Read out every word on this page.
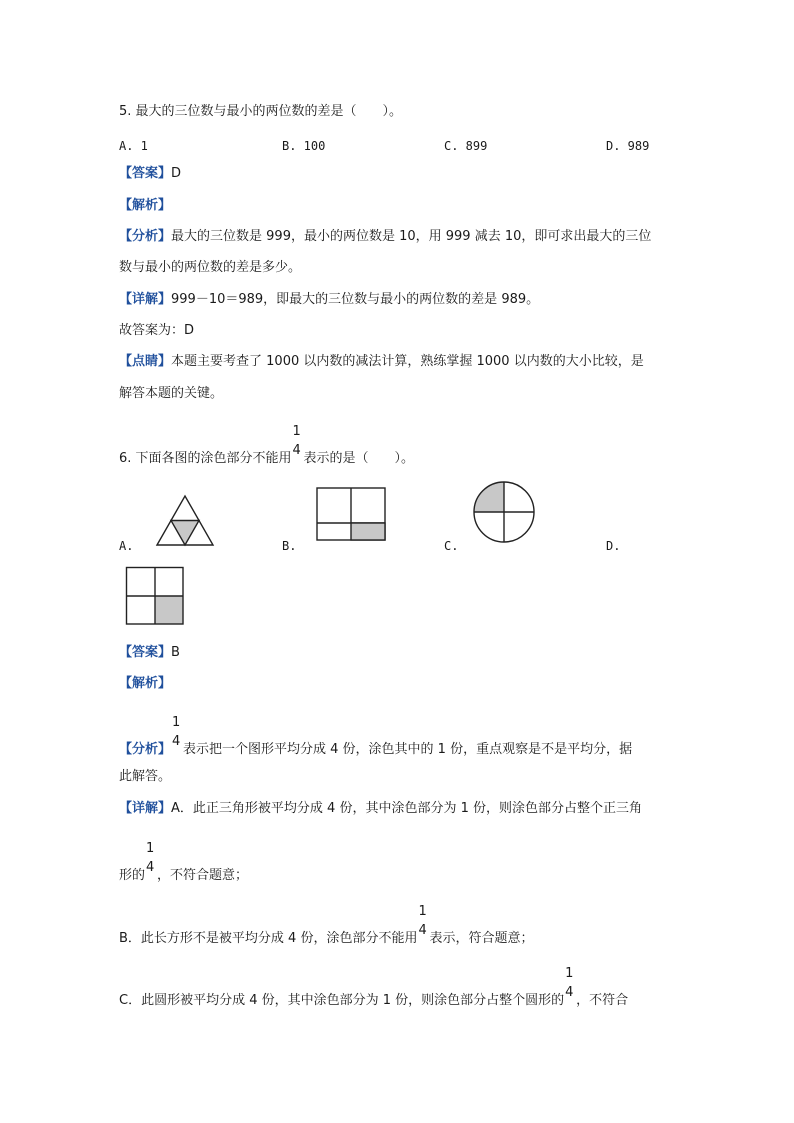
5. 最大的三位数与最小的两位数的差是（　　）。
A. 1	B. 100	C. 899	D. 989
【答案】D
【解析】
【分析】最大的三位数是 999，最小的两位数是 10，用 999 减去 10，即可求出最大的三位
数与最小的两位数的差是多少。
【详解】999－10＝989，即最大的三位数与最小的两位数的差是 989。
故答案为：D
【点睛】本题主要考查了 1000 以内数的减法计算，熟练掌握 1000 以内数的大小比较，是
解答本题的关键。
6. 下面各图的涂色部分不能用
1
4
表示的是（　　）。
A.	B.	C.	D.
【答案】B
【解析】
【分析】
1
4
表示把一个图形平均分成 4 份，涂色其中的 1 份，重点观察是不是平均分，据
此解答。
【详解】A．此正三角形被平均分成 4 份，其中涂色部分为 1 份，则涂色部分占整个正三角
形的
1
4
，不符合题意；
B．此长方形不是被平均分成 4 份，涂色部分不能用
1
4
表示，符合题意；
C．此圆形被平均分成 4 份，其中涂色部分为 1 份，则涂色部分占整个圆形的
1
4
，不符合
